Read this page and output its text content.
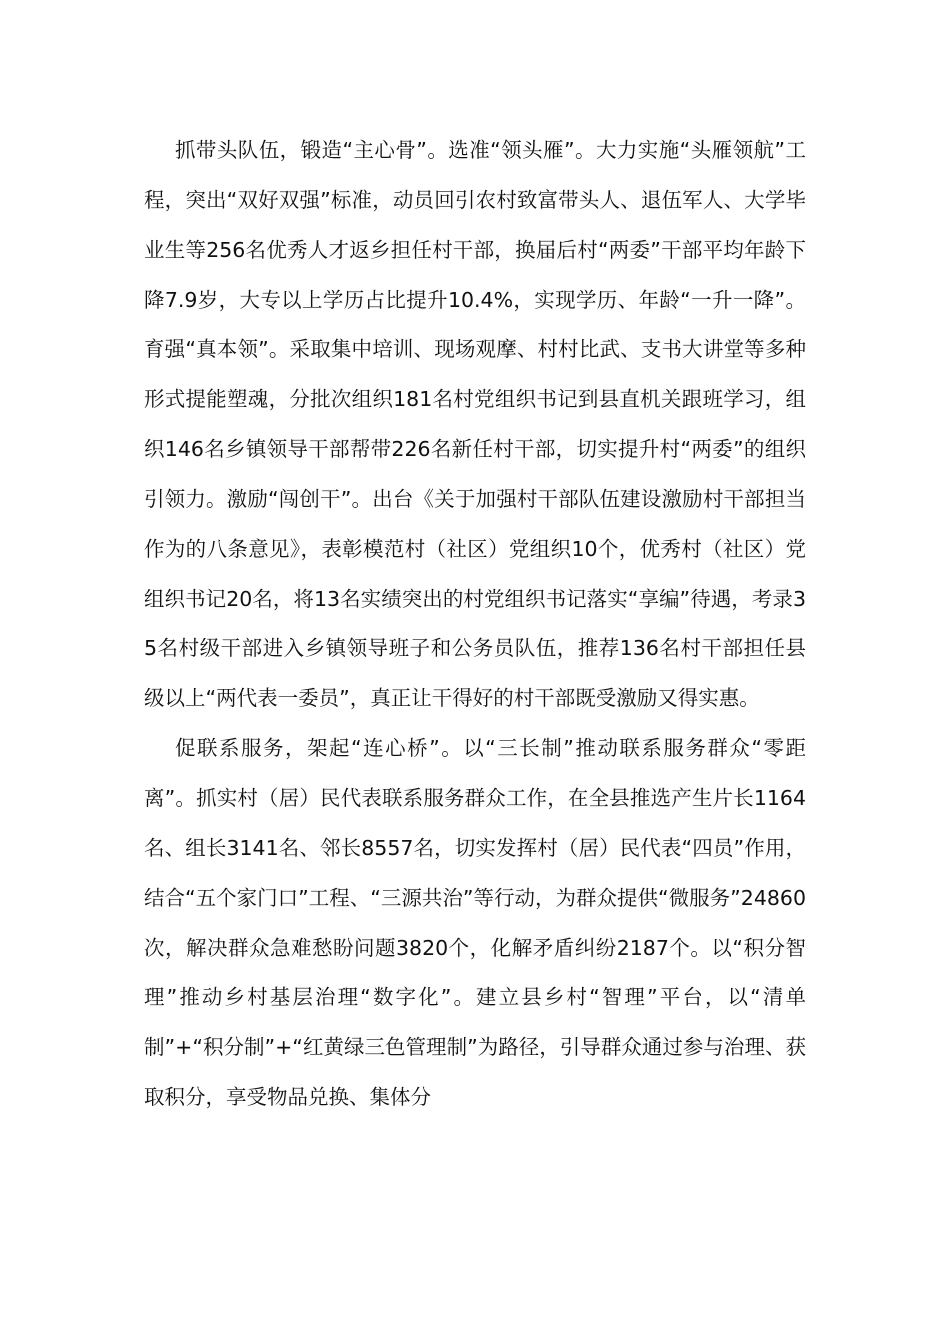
抓带头队伍，锻造“主心骨”。选准“领头雁”。大力实施“头雁领航”工程，突出“双好双强”标准，动员回引农村致富带头人、退伍军人、大学毕业生等256名优秀人才返乡担任村干部，换届后村“两委”干部平均年龄下降7.9岁，大专以上学历占比提升10.4%，实现学历、年龄“一升一降”。育强“真本领”。采取集中培训、现场观摩、村村比武、支书大讲堂等多种形式提能塑魂，分批次组织181名村党组织书记到县直机关跟班学习，组织146名乡镇领导干部帮带226名新任村干部，切实提升村“两委”的组织引领力。激励“闯创干”。出台《关于加强村干部队伍建设激励村干部担当作为的八条意见》，表彰模范村（社区）党组织10个，优秀村（社区）党组织书记20名，将13名实绩突出的村党组织书记落实“享编”待遇，考录35名村级干部进入乡镇领导班子和公务员队伍，推荐136名村干部担任县级以上“两代表一委员”，真正让干得好的村干部既受激励又得实惠。

促联系服务，架起“连心桥”。以“三长制”推动联系服务群众“零距离”。抓实村（居）民代表联系服务群众工作，在全县推选产生片长1164名、组长3141名、邻长8557名，切实发挥村（居）民代表“四员”作用，结合“五个家门口”工程、“三源共治”等行动，为群众提供“微服务”24860次，解决群众急难愁盼问题3820个，化解矛盾纠纷2187个。以“积分智理”推动乡村基层治理“数字化”。建立县乡村“智理”平台，以“清单制”+“积分制”+“红黄绿三色管理制”为路径，引导群众通过参与治理、获取积分，享受物品兑换、集体分
